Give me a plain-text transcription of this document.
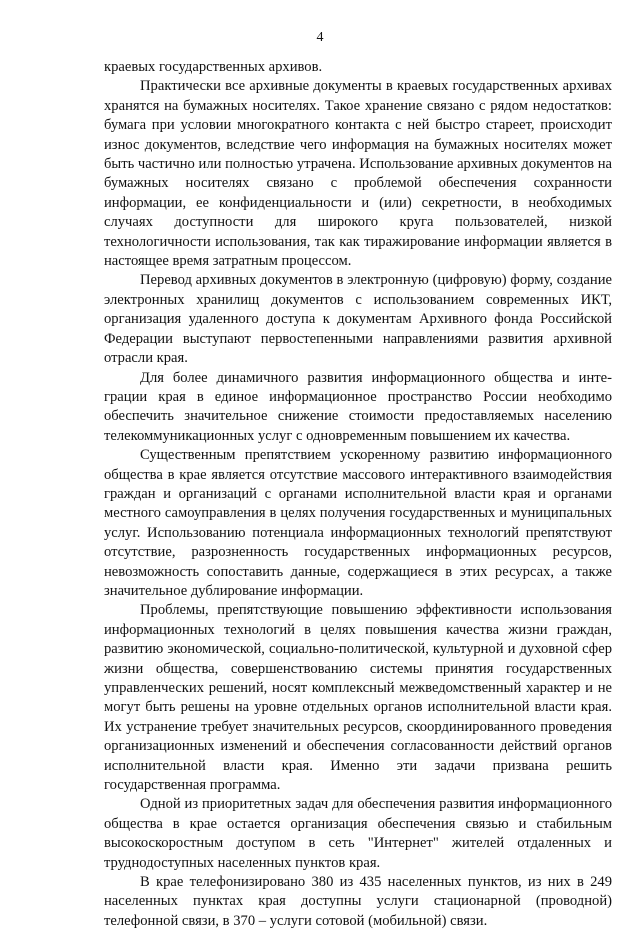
4

краевых государственных архивов.

Практически все архивные документы в краевых государственных архивах хранятся на бумажных носителях. Такое хранение связано с рядом недостатков: бумага при условии многократного контакта с ней быстро стареет, происходит износ документов, вследствие чего информация на бумажных носителях может быть частично или полностью утрачена. Использование архивных документов на бумажных носителях связано с проблемой обеспечения сохранности информации, ее конфиденциальности и (или) секретности, в необходимых случаях доступности для широкого круга пользователей, низкой технологичности использования, так как тиражирование информации является в настоящее время затратным процессом.

Перевод архивных документов в электронную (цифровую) форму, создание электронных хранилищ документов с использованием современных ИКТ, организация удаленного доступа к документам Архивного фонда Российской Федерации выступают первостепенными направлениями развития архивной отрасли края.

Для более динамичного развития информационного общества и интеграции края в единое информационное пространство России необходимо обеспечить значительное снижение стоимости предоставляемых населению телекоммуникационных услуг с одновременным повышением их качества.

Существенным препятствием ускоренному развитию информационного общества в крае является отсутствие массового интерактивного взаимодействия граждан и организаций с органами исполнительной власти края и органами местного самоуправления в целях получения государственных и муниципальных услуг. Использованию потенциала информационных технологий препятствуют отсутствие, разрозненность государственных информационных ресурсов, невозможность сопоставить данные, содержащиеся в этих ресурсах, а также значительное дублирование информации.

Проблемы, препятствующие повышению эффективности использования информационных технологий в целях повышения качества жизни граждан, развитию экономической, социально-политической, культурной и духовной сфер жизни общества, совершенствованию системы принятия государственных управленческих решений, носят комплексный межведомственный характер и не могут быть решены на уровне отдельных органов исполнительной власти края. Их устранение требует значительных ресурсов, скоординированного проведения организационных изменений и обеспечения согласованности действий органов исполнительной власти края. Именно эти задачи призвана решить государственная программа.

Одной из приоритетных задач для обеспечения развития информационного общества в крае остается организация обеспечения связью и стабильным высокоскоростным доступом в сеть "Интернет" жителей отдаленных и труднодоступных населенных пунктов края.

В крае телефонизировано 380 из 435 населенных пунктов, из них в 249 населенных пунктах края доступны услуги стационарной (проводной) телефонной связи, в 370 – услуги сотовой (мобильной) связи.
